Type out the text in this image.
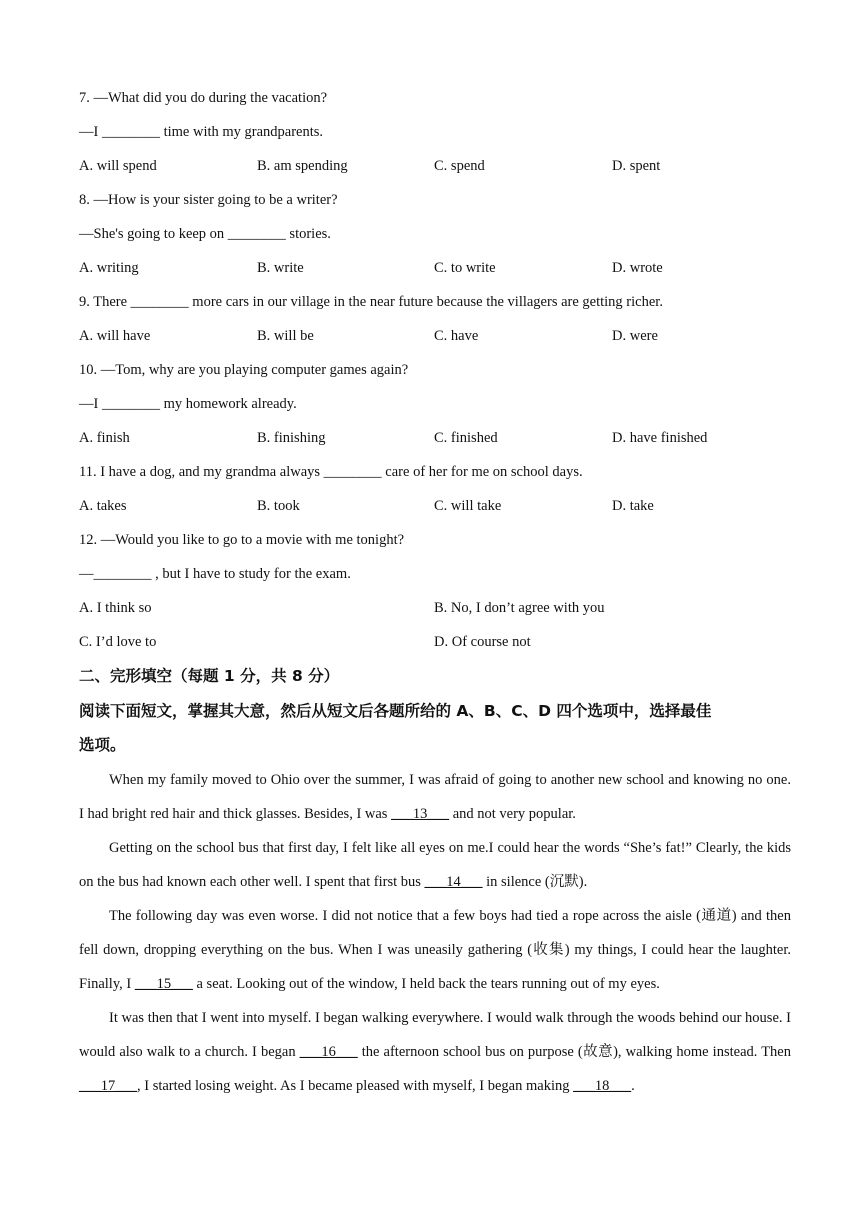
7. —What did you do during the vacation?
—I ________ time with my grandparents.
A. will spend	B. am spending	C. spend	D. spent
8. —How is your sister going to be a writer?
—She's going to keep on ________ stories.
A. writing	B. write	C. to write	D. wrote
9. There ________ more cars in our village in the near future because the villagers are getting richer.
A. will have	B. will be	C. have	D. were
10. —Tom, why are you playing computer games again?
—I ________ my homework already.
A. finish	B. finishing	C. finished	D. have finished
11. I have a dog, and my grandma always ________ care of her for me on school days.
A. takes	B. took	C. will take	D. take
12. —Would you like to go to a movie with me tonight?
—________ , but I have to study for the exam.
A. I think so	B. No, I don’t agree with you
C. I’d love to	D. Of course not
二、完形填空（每题 1 分，共 8 分）
阅读下面短文，掌握其大意，然后从短文后各题所给的 A、B、C、D 四个选项中，选择最佳
选项。
When my family moved to Ohio over the summer, I was afraid of going to another new school and knowing no one. I had bright red hair and thick glasses. Besides, I was ___13___ and not very popular.
Getting on the school bus that first day, I felt like all eyes on me.I could hear the words “She’s fat!” Clearly, the kids on the bus had known each other well. I spent that first bus ___14___ in silence (沉默).
The following day was even worse. I did not notice that a few boys had tied a rope across the aisle (通道) and then fell down, dropping everything on the bus. When I was uneasily gathering (收集) my things, I could hear the laughter. Finally, I ___15___ a seat. Looking out of the window, I held back the tears running out of my eyes.
It was then that I went into myself. I began walking everywhere. I would walk through the woods behind our house. I would also walk to a church. I began ___16___ the afternoon school bus on purpose (故意), walking home instead. Then ___17___, I started losing weight. As I became pleased with myself, I began making ___18___.
